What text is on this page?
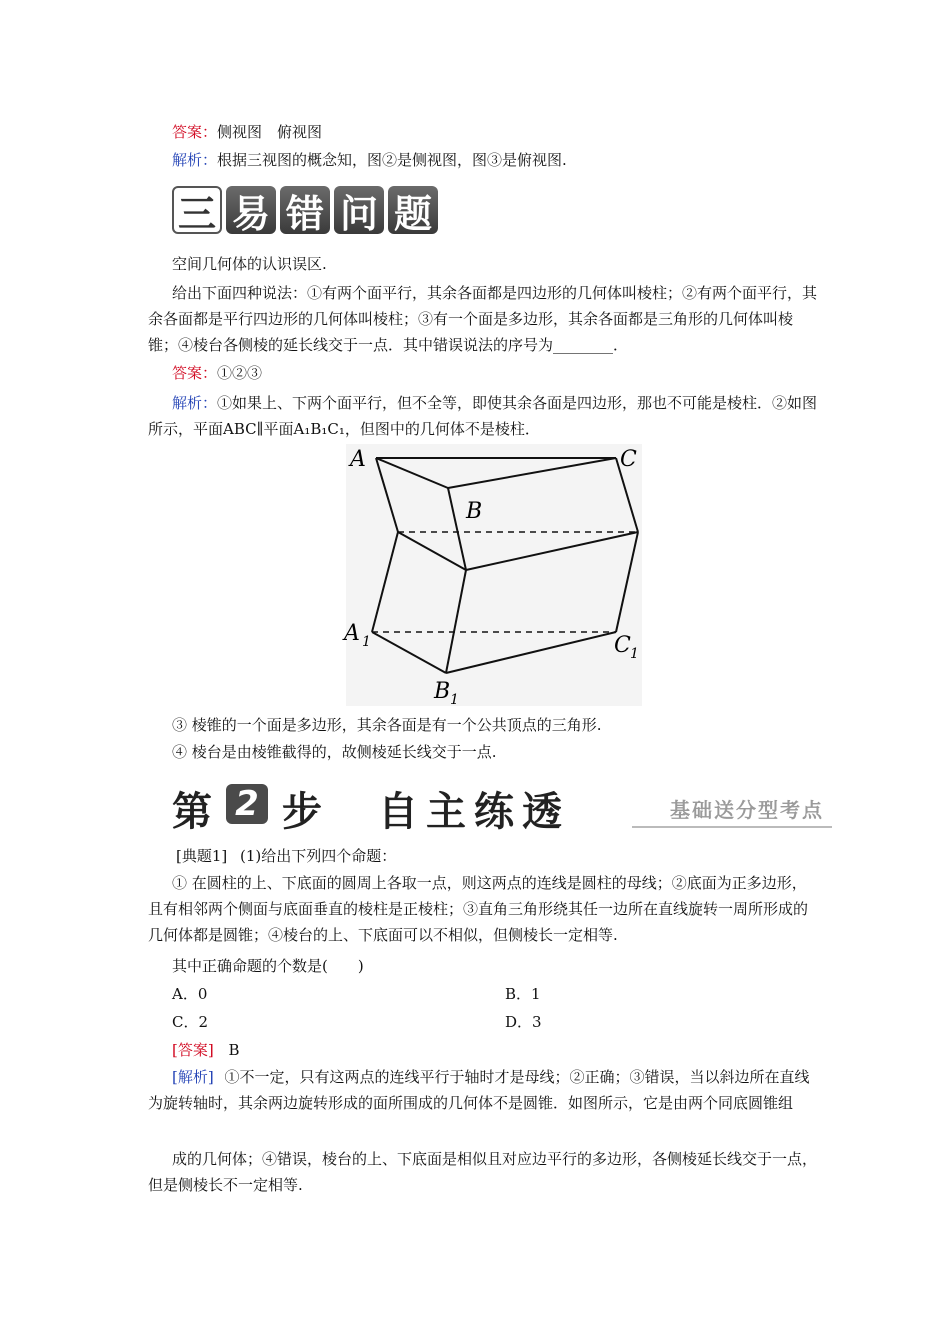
答案：侧视图　俯视图
解析：根据三视图的概念知，图②是侧视图，图③是俯视图.
三 易 错 问 题
空间几何体的认识误区.
给出下面四种说法：①有两个面平行，其余各面都是四边形的几何体叫棱柱；②有两个面平行，其余各面都是平行四边形的几何体叫棱柱；③有一个面是多边形，其余各面都是三角形的几何体叫棱锥；④棱台各侧棱的延长线交于一点．其中错误说法的序号为________．
答案：①②③
解析：①如果上、下两个面平行，但不全等，即使其余各面是四边形，那也不可能是棱柱．②如图所示，平面ABC∥平面A₁B₁C₁，但图中的几何体不是棱柱．
A	C
B
A 1	C 1
B 1
③ 棱锥的一个面是多边形，其余各面是有一个公共顶点的三角形.
④ 棱台是由棱锥截得的，故侧棱延长线交于一点.
第 2 步　自主练透	基础送分型考点
[典题1] (1)给出下列四个命题：
① 在圆柱的上、下底面的圆周上各取一点，则这两点的连线是圆柱的母线；②底面为正多边形，且有相邻两个侧面与底面垂直的棱柱是正棱柱；③直角三角形绕其任一边所在直线旋转一周所形成的几何体都是圆锥；④棱台的上、下底面可以不相似，但侧棱长一定相等.
其中正确命题的个数是(　　)
A．0	B．1
C．2	D．3
[答案] B
[解析] ①不一定，只有这两点的连线平行于轴时才是母线；②正确；③错误，当以斜边所在直线为旋转轴时，其余两边旋转形成的面所围成的几何体不是圆锥．如图所示，它是由两个同底圆锥组
成的几何体；④错误，棱台的上、下底面是相似且对应边平行的多边形，各侧棱延长线交于一点，但是侧棱长不一定相等.
